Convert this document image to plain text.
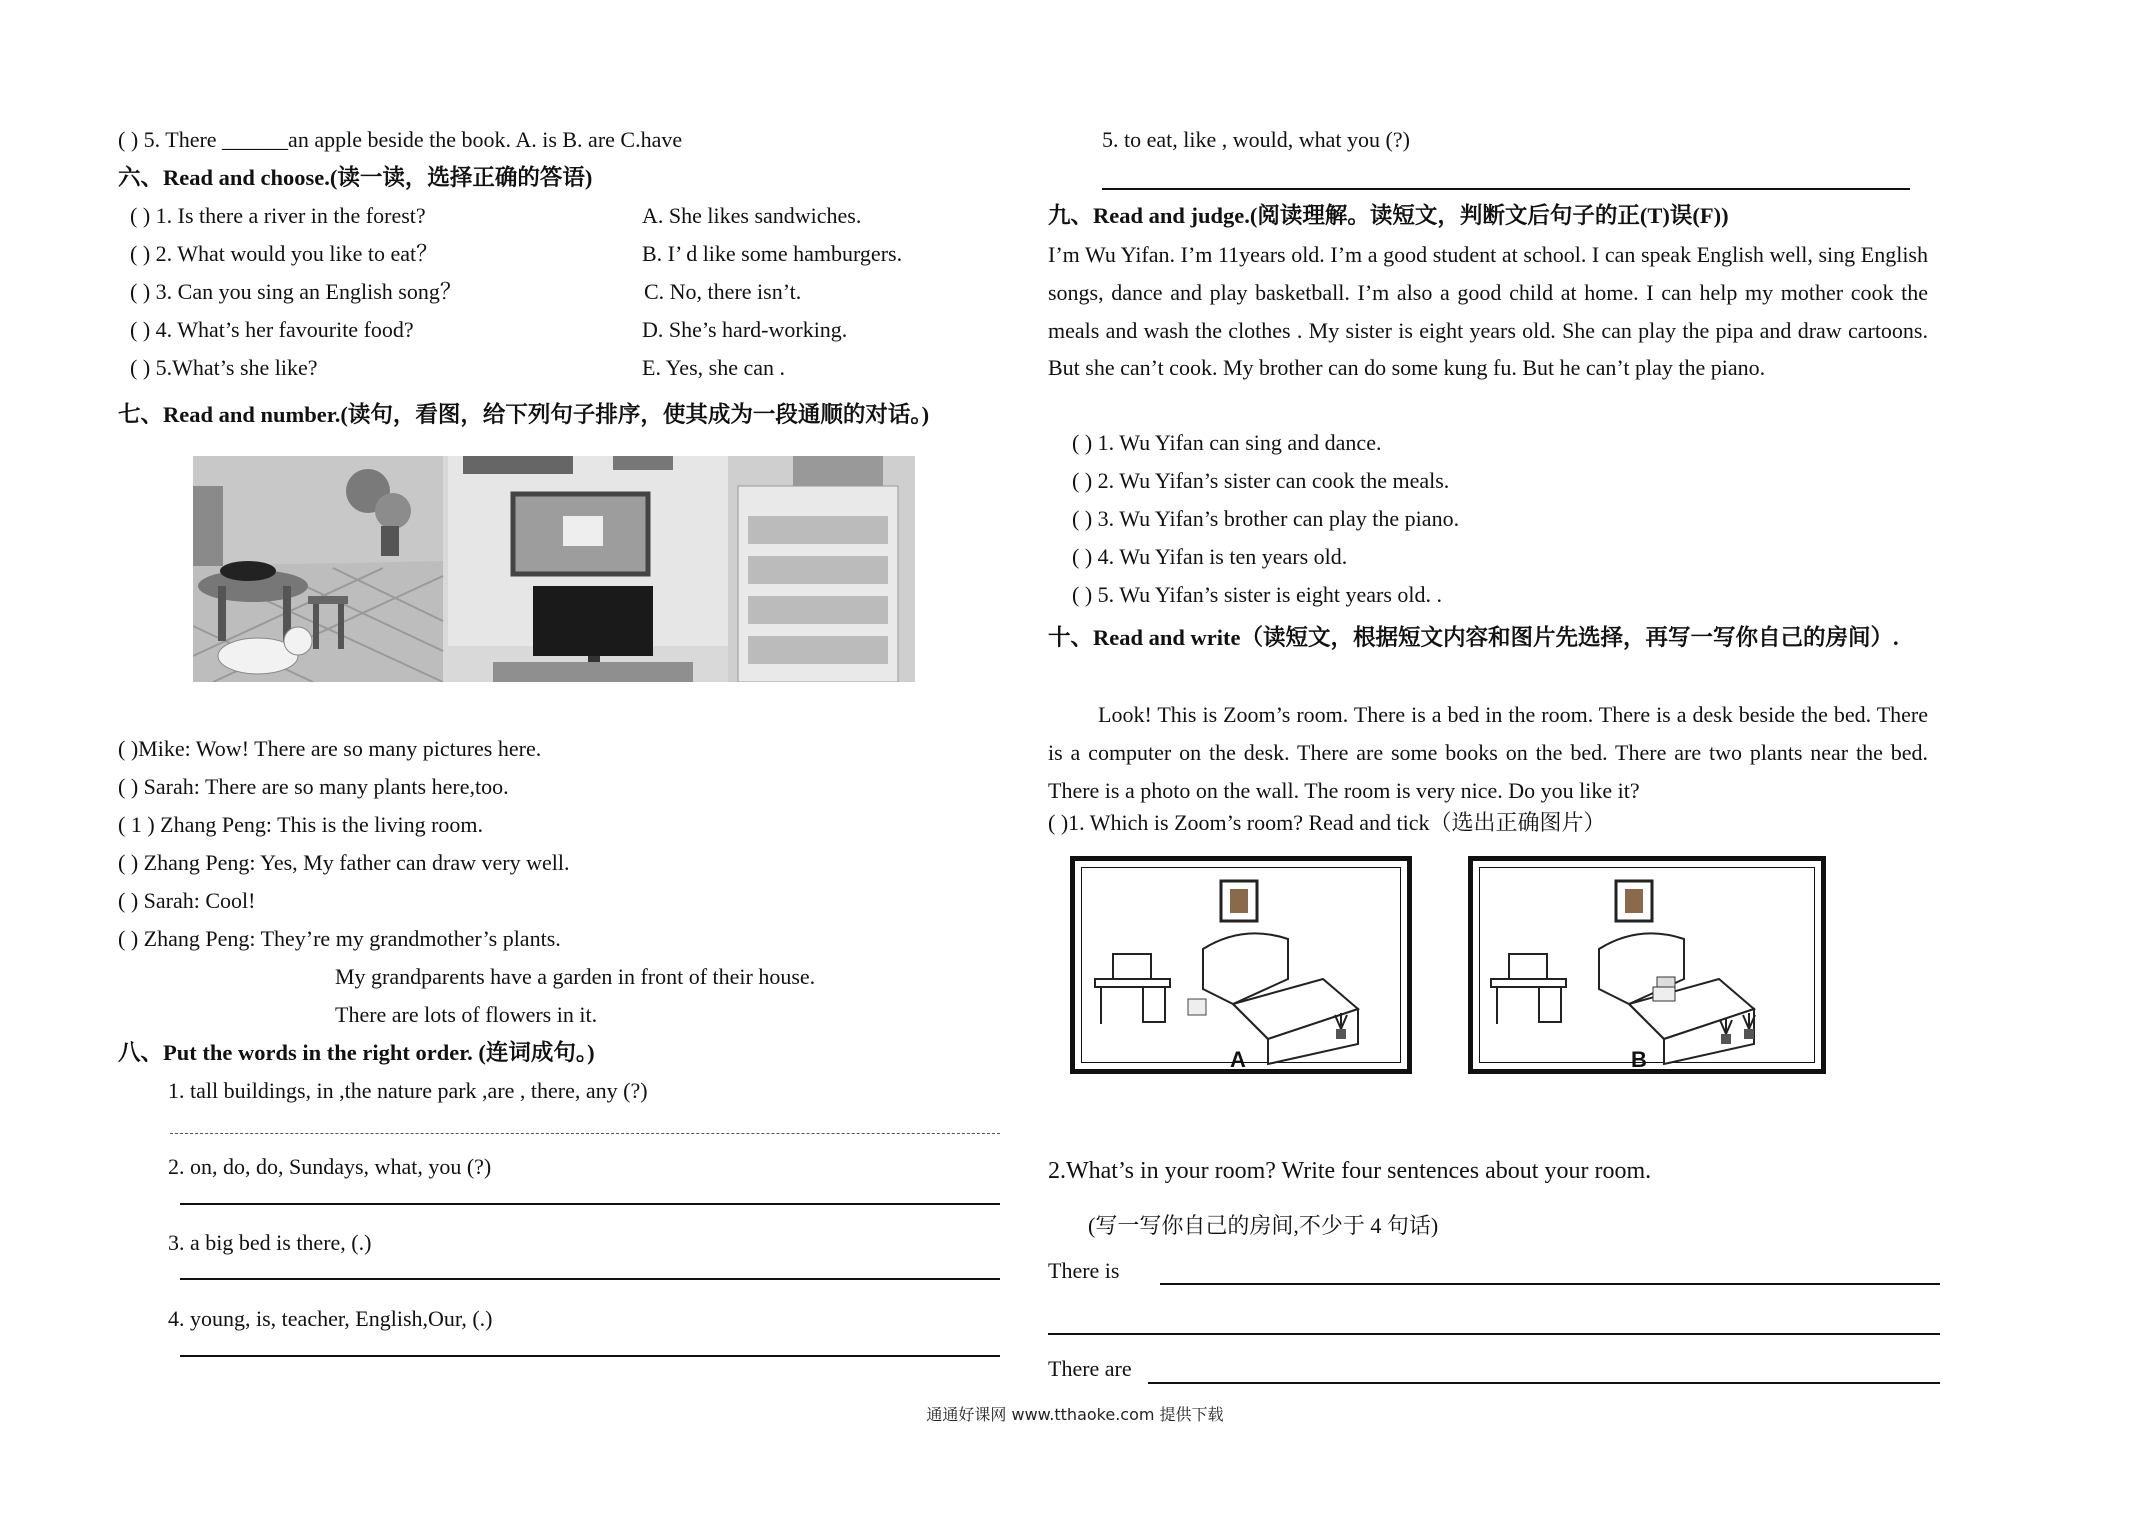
( ) 5. There ______an apple beside the book. A. is B. are C.have
六、Read and choose.(读一读，选择正确的答语)
( ) 1. Is there a river in the forest?
( ) 2. What would you like to eat？
( ) 3. Can you sing an English song？
( ) 4. What’s her favourite food?
( ) 5.What’s she like?
A. She likes sandwiches.
B. I’ d like some hamburgers.
C. No, there isn’t.
D. She’s hard-working.
E. Yes, she can .
七、Read and number.(读句，看图，给下列句子排序，使其成为一段通顺的对话。)
( )Mike: Wow! There are so many pictures here.
( ) Sarah: There are so many plants here,too.
( 1 ) Zhang Peng: This is the living room.
( ) Zhang Peng: Yes, My father can draw very well.
( ) Sarah: Cool!
( ) Zhang Peng: They’re my grandmother’s plants.
My grandparents have a garden in front of their house.
There are lots of flowers in it.
八、Put the words in the right order. (连词成句。)
1. tall buildings, in ,the nature park ,are , there, any (?)
2. on, do, do, Sundays, what, you (?)
3. a big bed is there, (.)
4. young, is, teacher, English,Our, (.)
5. to eat, like , would, what you (?)
九、Read and judge.(阅读理解。读短文，判断文后句子的正(T)误(F))
I’m Wu Yifan. I’m 11years old. I’m a good student at school. I can speak English well, sing English songs, dance and play basketball. I’m also a good child at home. I can help my mother cook the meals and wash the clothes . My sister is eight years old. She can play the pipa and draw cartoons. But she can’t cook. My brother can do some kung fu. But he can’t play the piano.
( ) 1. Wu Yifan can sing and dance.
( ) 2. Wu Yifan’s sister can cook the meals.
( ) 3. Wu Yifan’s brother can play the piano.
( ) 4. Wu Yifan is ten years old.
( ) 5. Wu Yifan’s sister is eight years old. .
十、Read and write（读短文，根据短文内容和图片先选择，再写一写你自己的房间）.
Look! This is Zoom’s room. There is a bed in the room. There is a desk beside the bed. There is a computer on the desk. There are some books on the bed. There are two plants near the bed. There is a photo on the wall. The room is very nice. Do you like it?
( )1. Which is Zoom’s room? Read and tick（选出正确图片）
A	B
2.What’s in your room? Write four sentences about your room.
(写一写你自己的房间,不少于 4 句话)
There is
There are
通通好课网 www.tthaoke.com 提供下载
